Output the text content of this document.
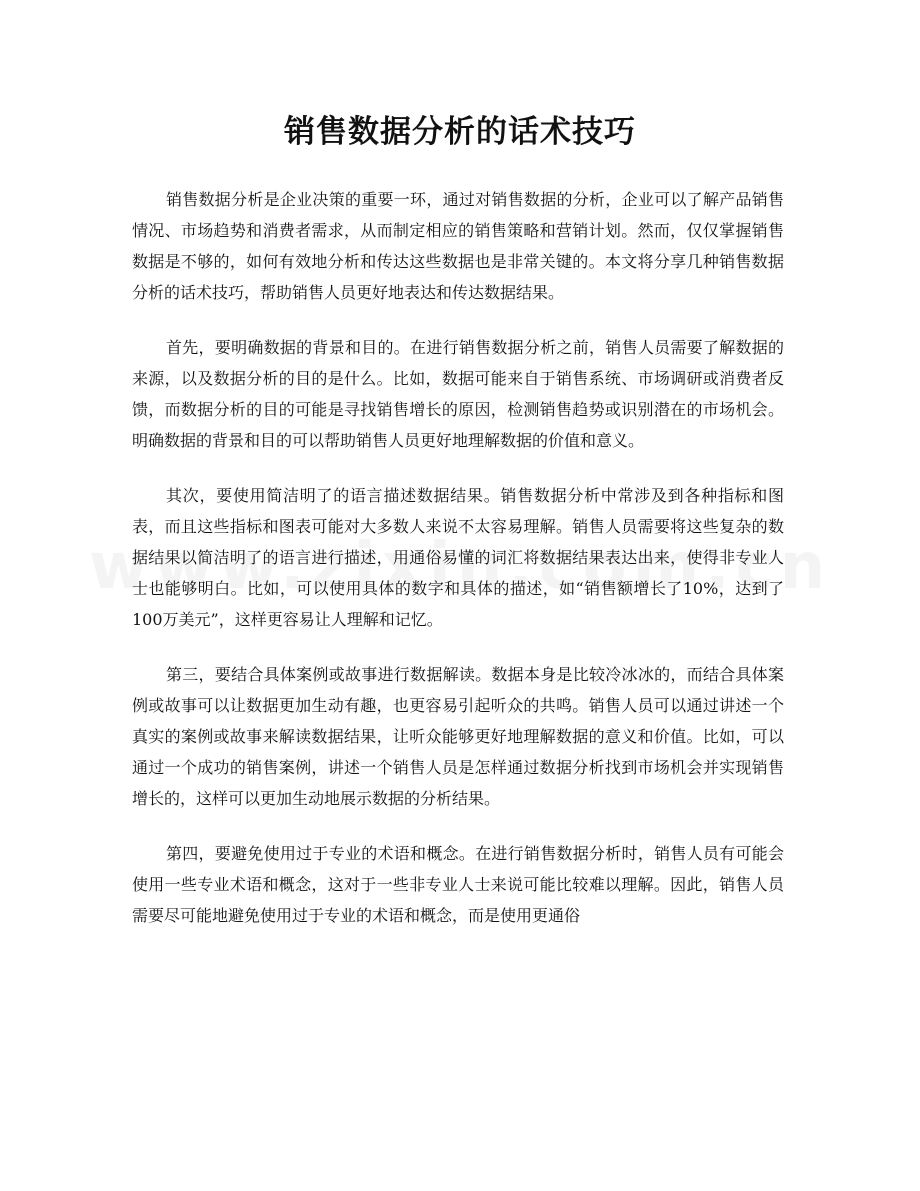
销售数据分析的话术技巧

销售数据分析是企业决策的重要一环，通过对销售数据的分析，企业可以了解产品销售情况、市场趋势和消费者需求，从而制定相应的销售策略和营销计划。然而，仅仅掌握销售数据是不够的，如何有效地分析和传达这些数据也是非常关键的。本文将分享几种销售数据分析的话术技巧，帮助销售人员更好地表达和传达数据结果。

首先，要明确数据的背景和目的。在进行销售数据分析之前，销售人员需要了解数据的来源，以及数据分析的目的是什么。比如，数据可能来自于销售系统、市场调研或消费者反馈，而数据分析的目的可能是寻找销售增长的原因，检测销售趋势或识别潜在的市场机会。明确数据的背景和目的可以帮助销售人员更好地理解数据的价值和意义。

其次，要使用简洁明了的语言描述数据结果。销售数据分析中常涉及到各种指标和图表，而且这些指标和图表可能对大多数人来说不太容易理解。销售人员需要将这些复杂的数据结果以简洁明了的语言进行描述，用通俗易懂的词汇将数据结果表达出来，使得非专业人士也能够明白。比如，可以使用具体的数字和具体的描述，如“销售额增长了10%，达到了100万美元”，这样更容易让人理解和记忆。

第三，要结合具体案例或故事进行数据解读。数据本身是比较冷冰冰的，而结合具体案例或故事可以让数据更加生动有趣，也更容易引起听众的共鸣。销售人员可以通过讲述一个真实的案例或故事来解读数据结果，让听众能够更好地理解数据的意义和价值。比如，可以通过一个成功的销售案例，讲述一个销售人员是怎样通过数据分析找到市场机会并实现销售增长的，这样可以更加生动地展示数据的分析结果。

第四，要避免使用过于专业的术语和概念。在进行销售数据分析时，销售人员有可能会使用一些专业术语和概念，这对于一些非专业人士来说可能比较难以理解。因此，销售人员需要尽可能地避免使用过于专业的术语和概念，而是使用更通俗
